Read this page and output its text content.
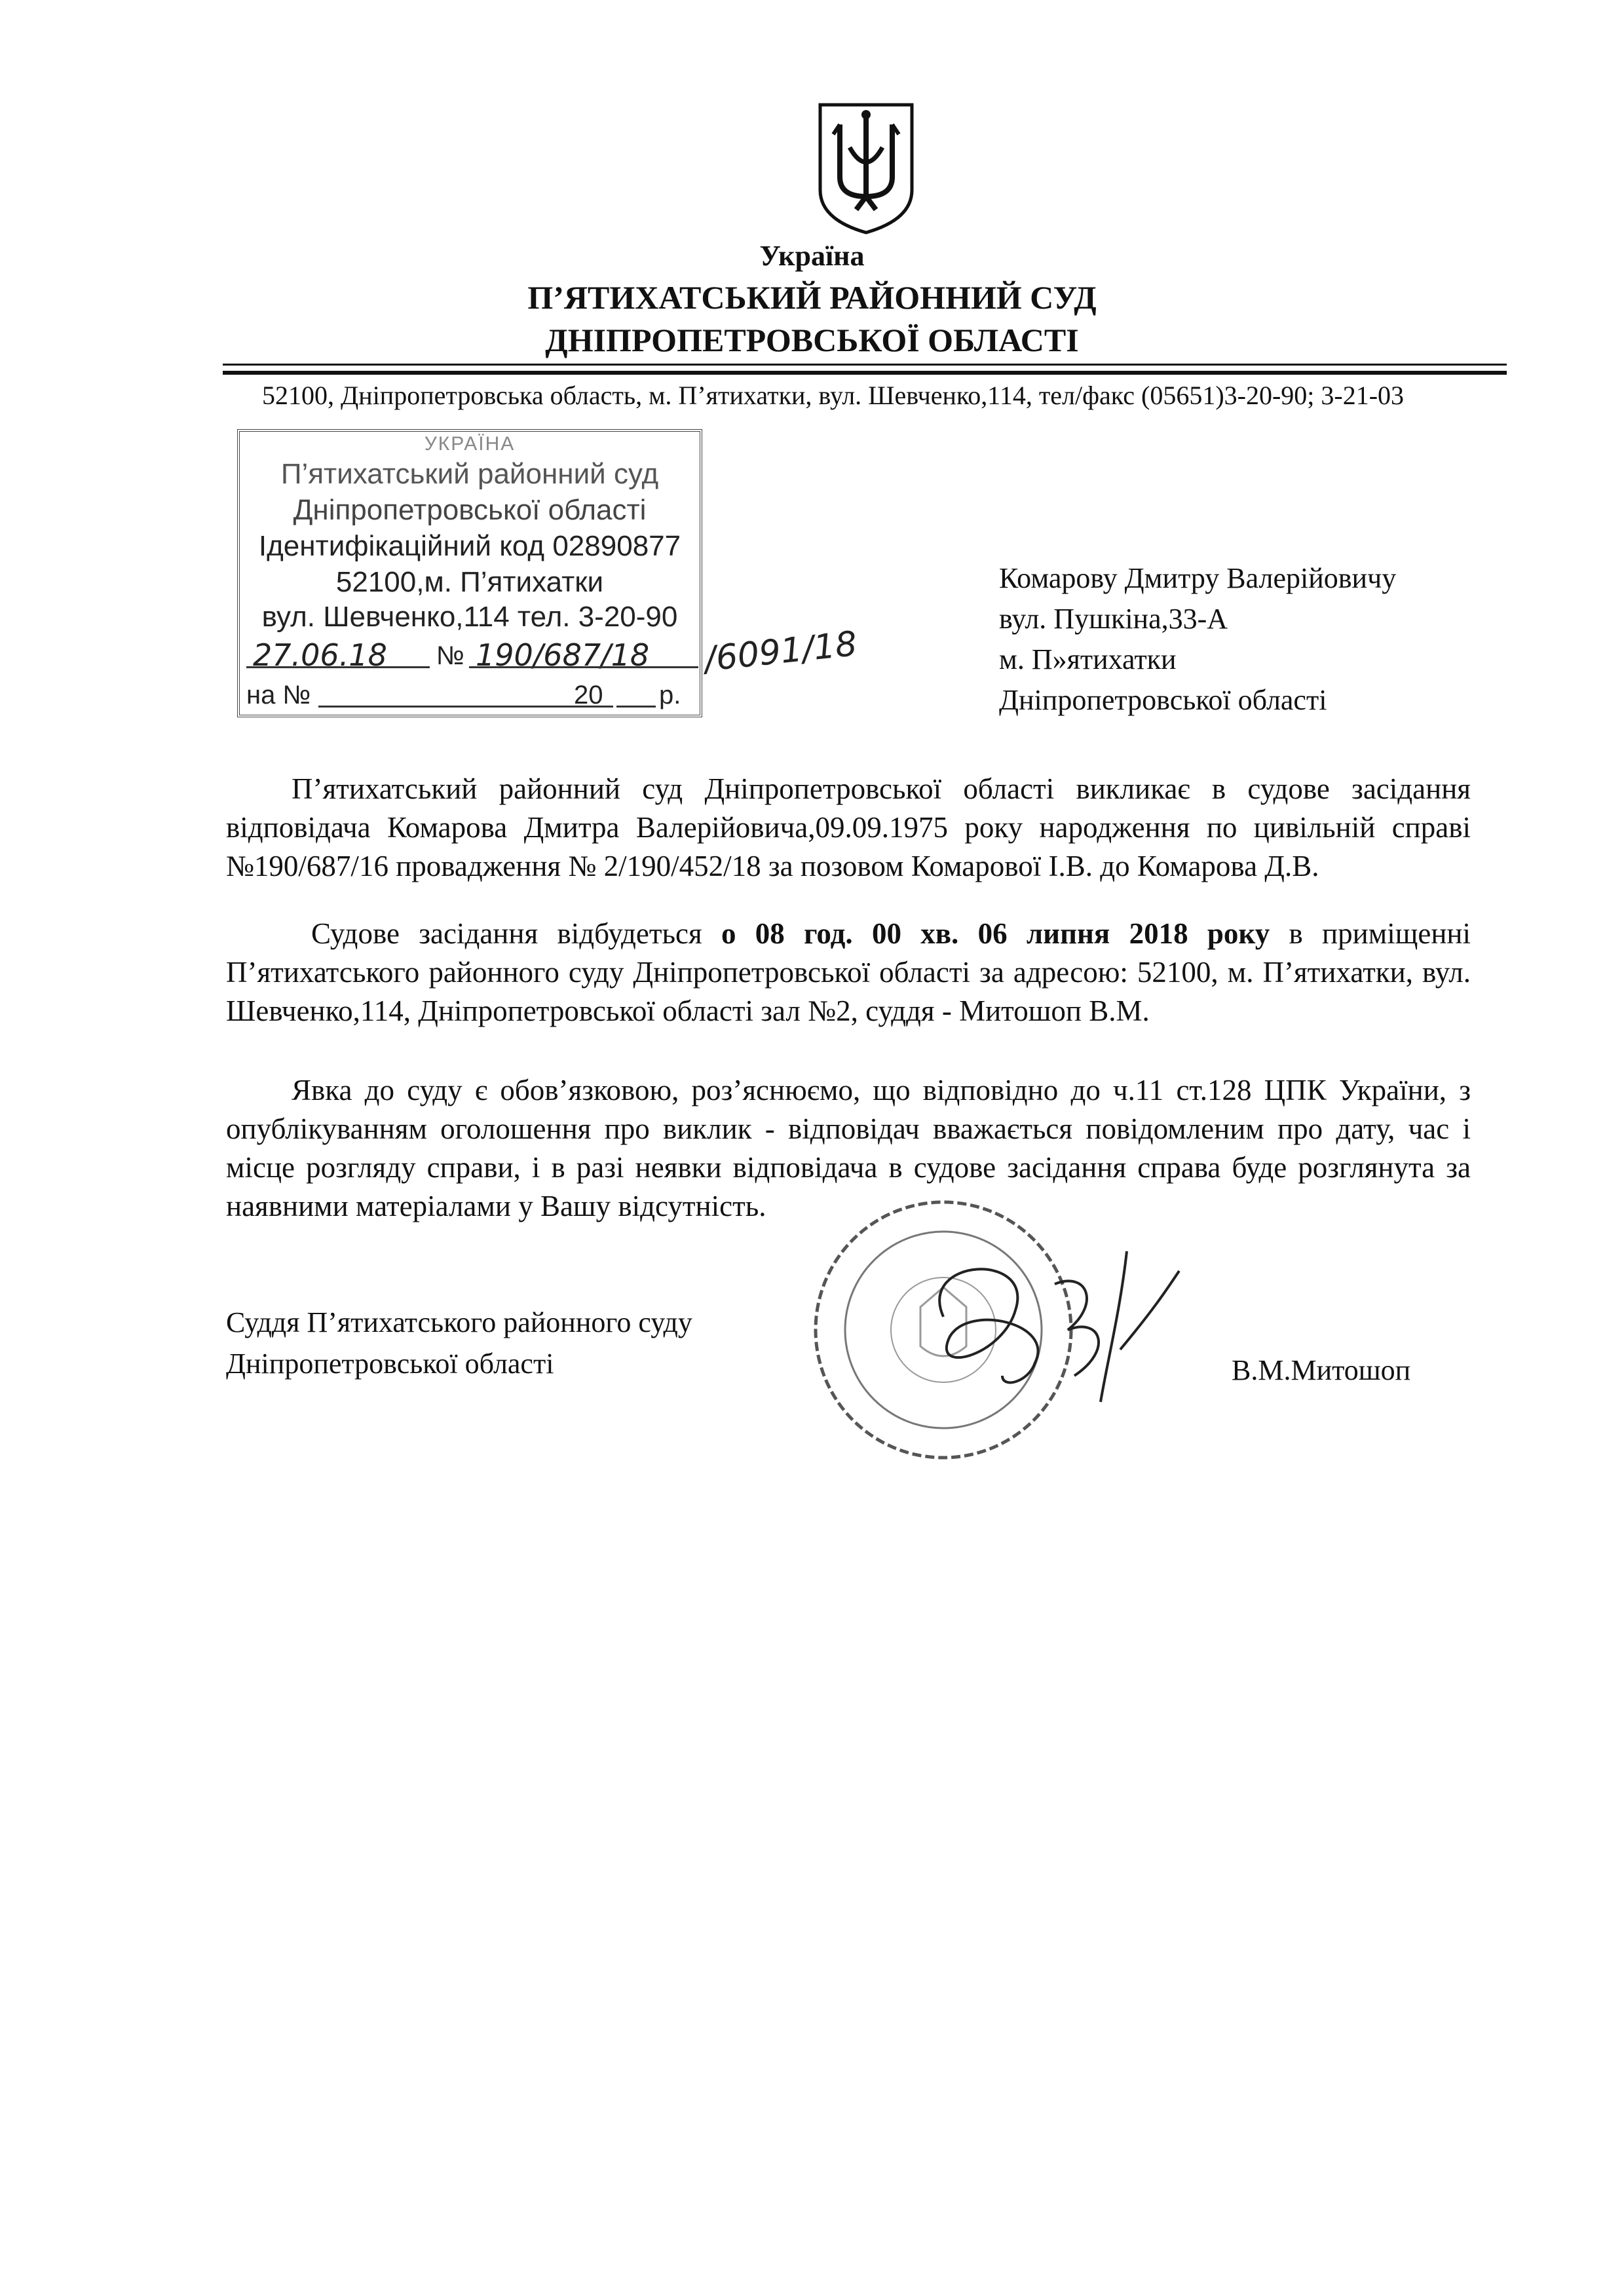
Україна
П’ЯТИХАТСЬКИЙ РАЙОННИЙ СУД
ДНІПРОПЕТРОВСЬКОЇ ОБЛАСТІ
52100, Дніпропетровська область, м. П’ятихатки, вул. Шевченко,114, тел/факс (05651)3-20-90; 3-21-03
УКРАЇНА
П’ятихатський районний суд
Дніпропетровської області
Ідентифікаційний код 02890877
52100,м. П’ятихатки
вул. Шевченко,114 тел. 3-20-90
27.06.18 № 190/687/18
на №	20 р.
/6091/18
Комарову Дмитру Валерійовичу
вул. Пушкіна,33-А
м. П»ятихатки
Дніпропетровської області
П’ятихатський районний суд Дніпропетровської області викликає в судове засідання відповідача Комарова Дмитра Валерійовича,09.09.1975 року народження по цивільній справі №190/687/16 провадження № 2/190/452/18 за позовом Комарової І.В. до Комарова Д.В.
Судове засідання відбудеться о 08 год. 00 хв. 06 липня 2018 року в приміщенні П’ятихатського районного суду Дніпропетровської області за адресою: 52100, м. П’ятихатки, вул. Шевченко,114, Дніпропетровської області зал №2, суддя - Митошоп В.М.
Явка до суду є обов’язковою, роз’яснюємо, що відповідно до ч.11 ст.128 ЦПК України, з опублікуванням оголошення про виклик - відповідач вважається повідомленим про дату, час і місце розгляду справи, і в разі неявки відповідача в судове засідання справа буде розглянута за наявними матеріалами у Вашу відсутність.
Суддя П’ятихатського районного суду
Дніпропетровської області	В.М.Митошоп
